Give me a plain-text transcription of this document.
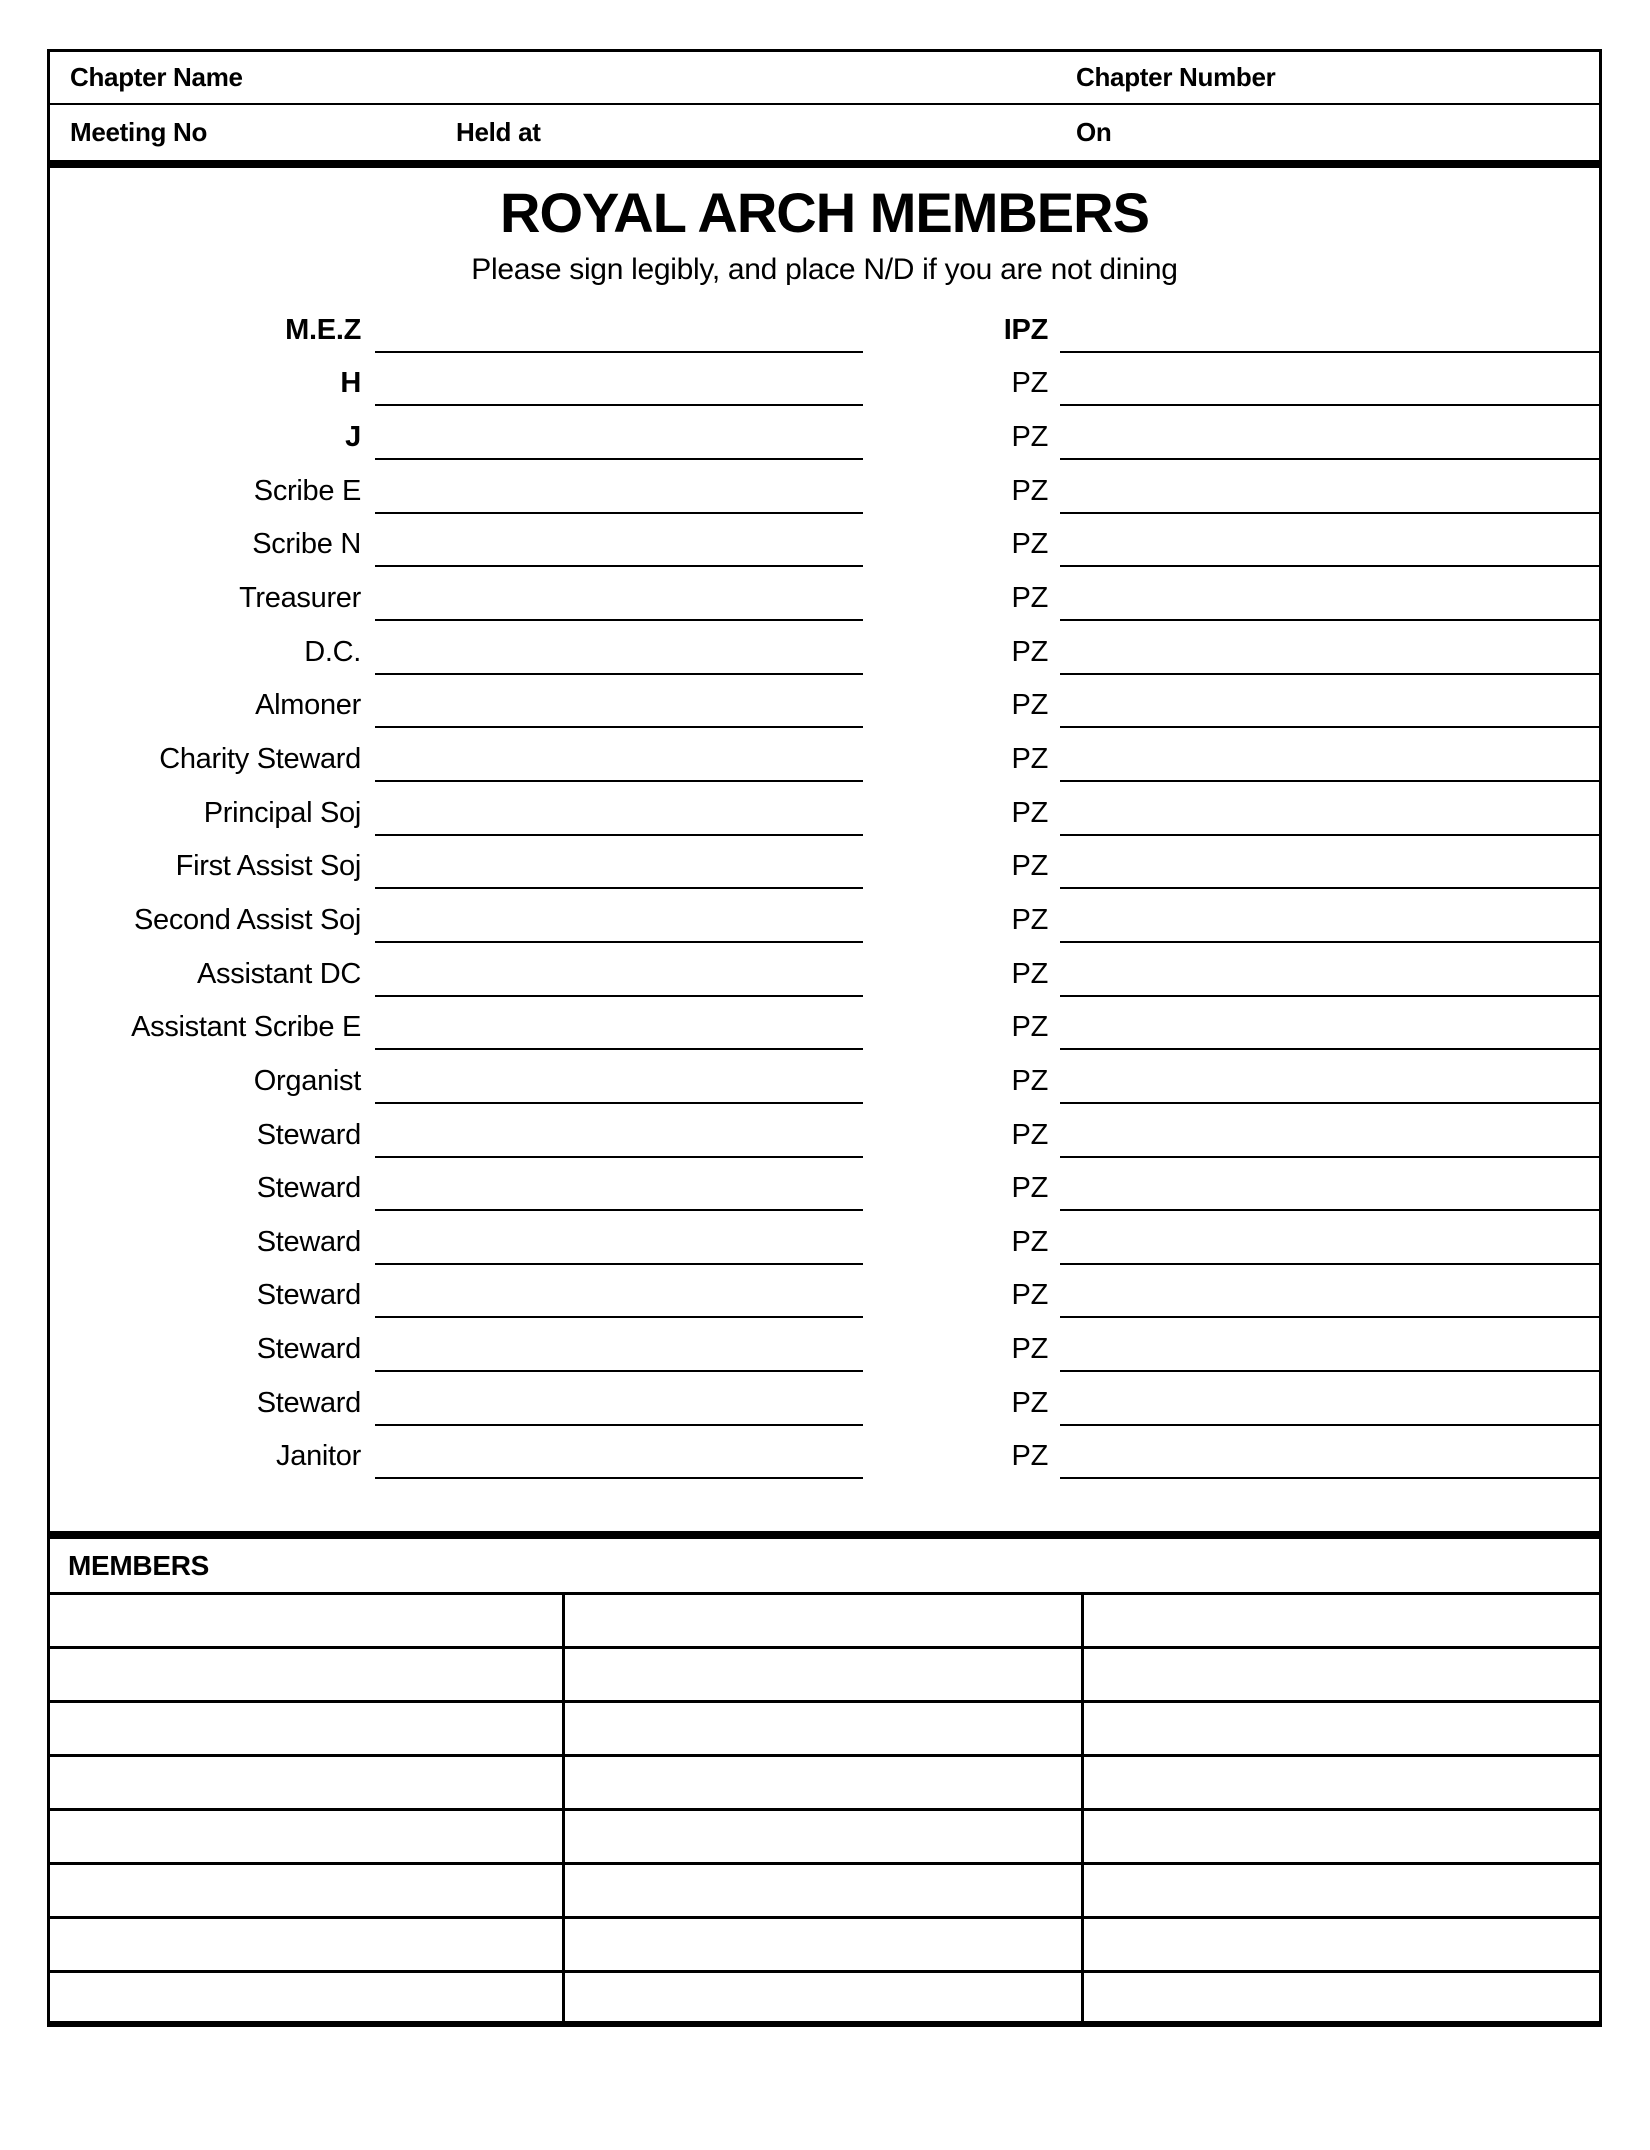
Chapter Name	Chapter Number
Meeting No	Held at	On
ROYAL ARCH MEMBERS
Please sign legibly, and place N/D if you are not dining
M.E.Z	IPZ
H	PZ
J	PZ
Scribe E	PZ
Scribe N	PZ
Treasurer	PZ
D.C.	PZ
Almoner	PZ
Charity Steward	PZ
Principal Soj	PZ
First Assist Soj	PZ
Second Assist Soj	PZ
Assistant DC	PZ
Assistant Scribe E	PZ
Organist	PZ
Steward	PZ
Steward	PZ
Steward	PZ
Steward	PZ
Steward	PZ
Steward	PZ
Janitor	PZ
MEMBERS
